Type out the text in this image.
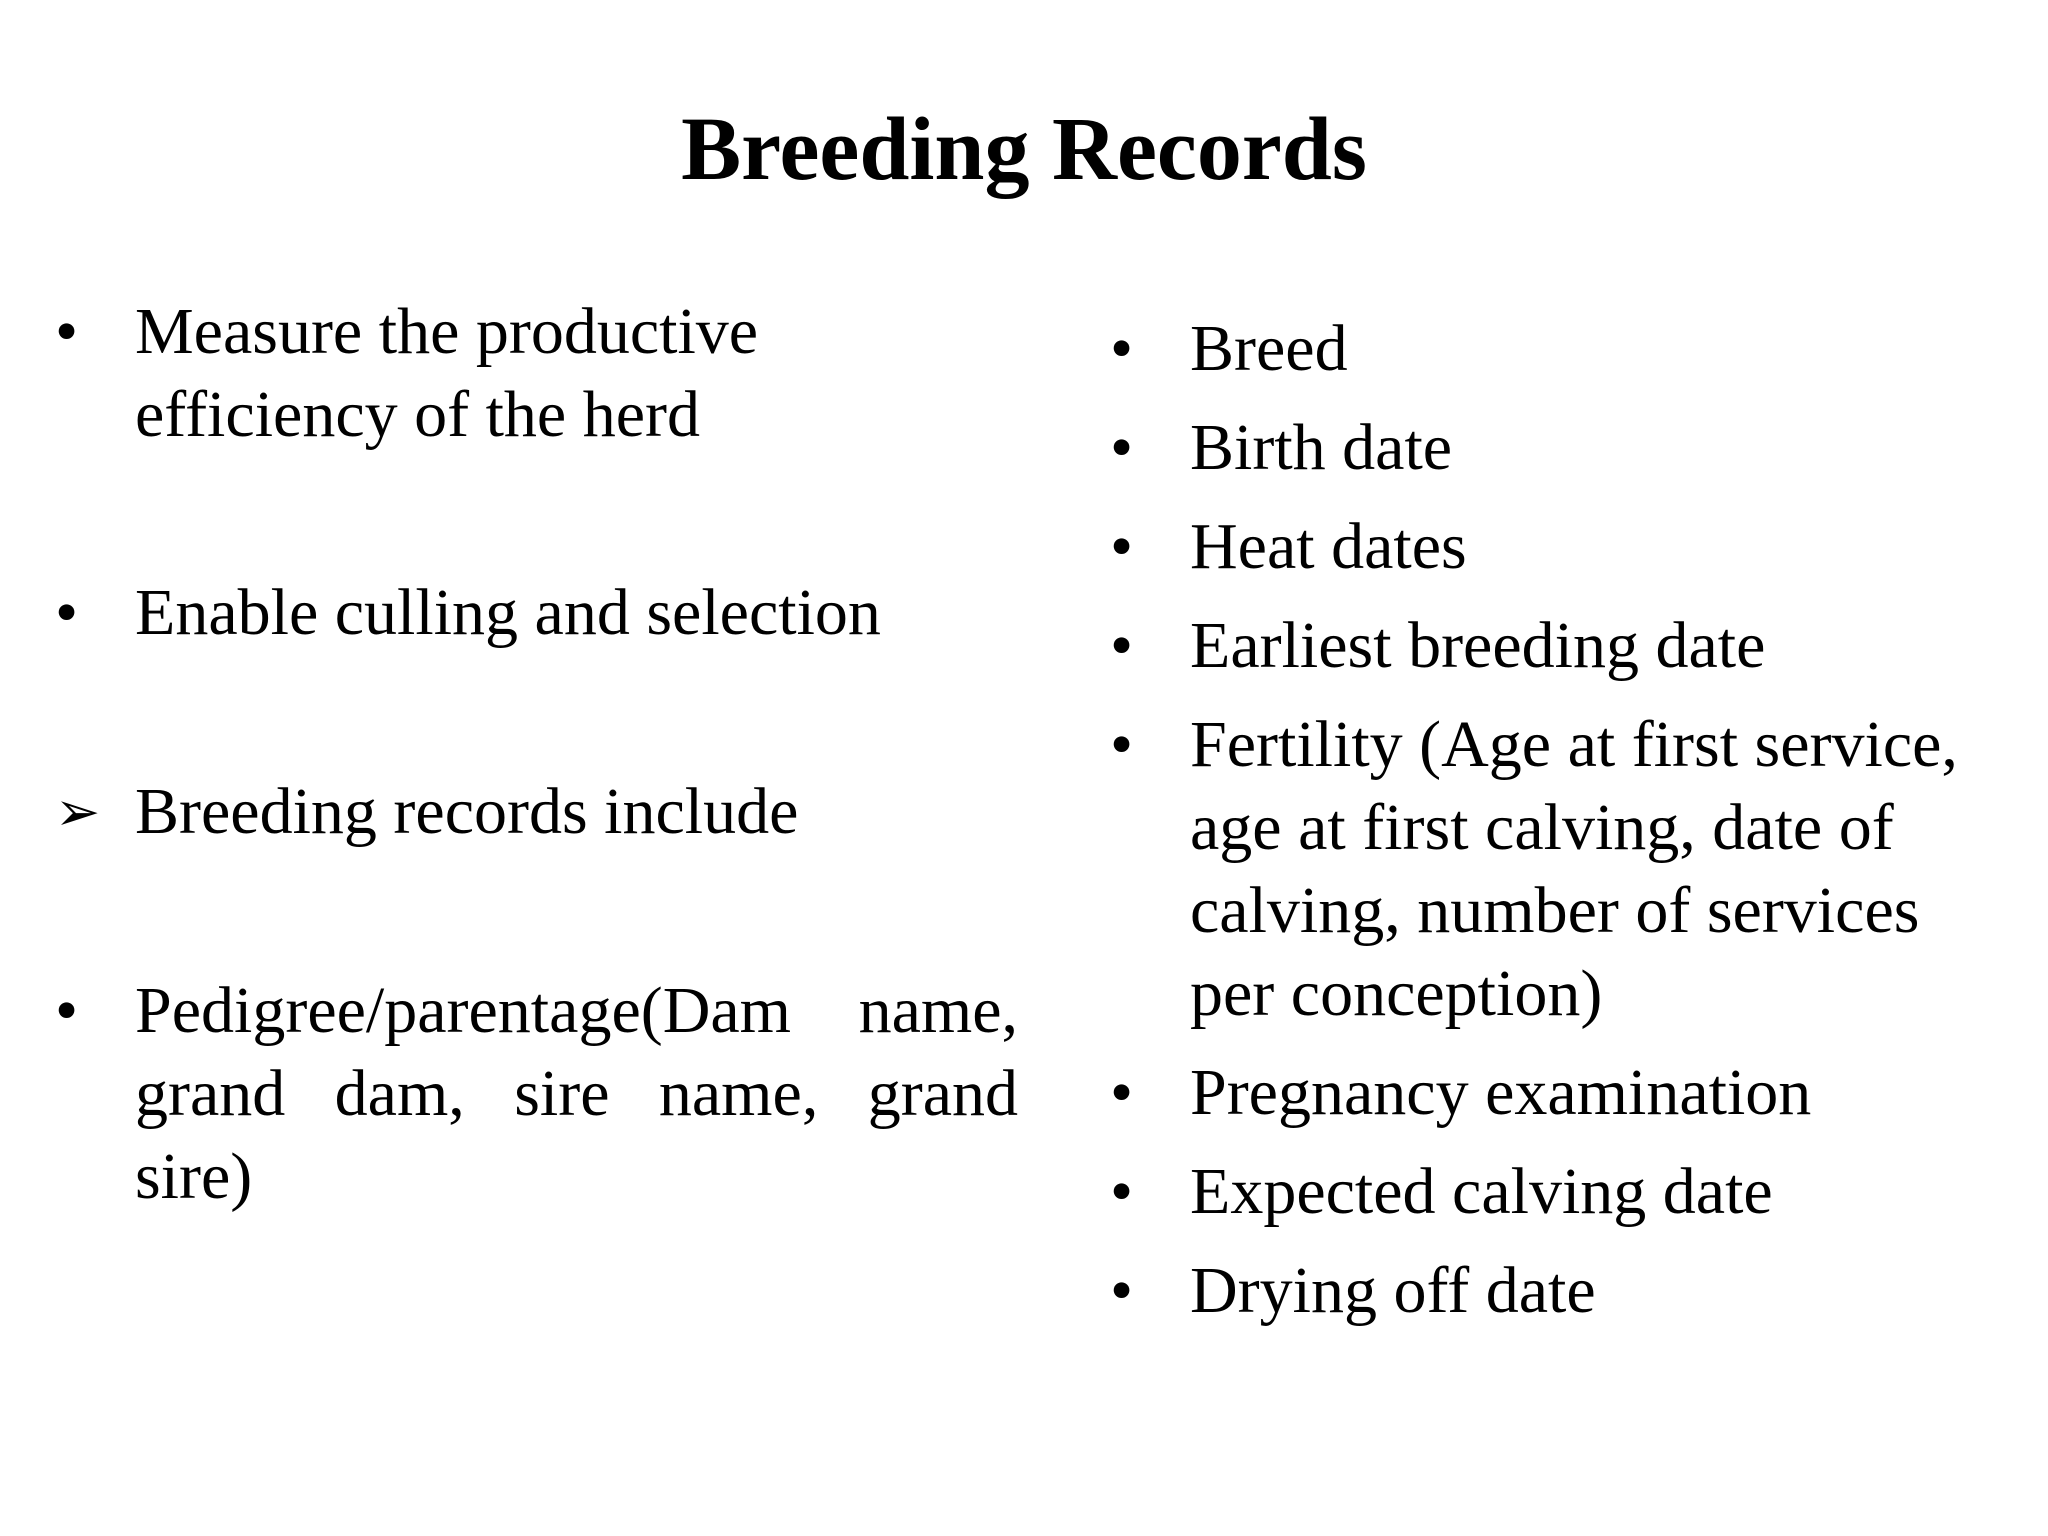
Breeding Records
• Measure the productive efficiency of the herd
• Enable culling and selection
➢ Breeding records include
• Pedigree/parentage(Dam name, grand dam, sire name, grand sire)
• Breed
• Birth date
• Heat dates
• Earliest breeding date
• Fertility (Age at first service, age at first calving, date of calving, number of services per conception)
• Pregnancy examination
• Expected calving date
• Drying off date
